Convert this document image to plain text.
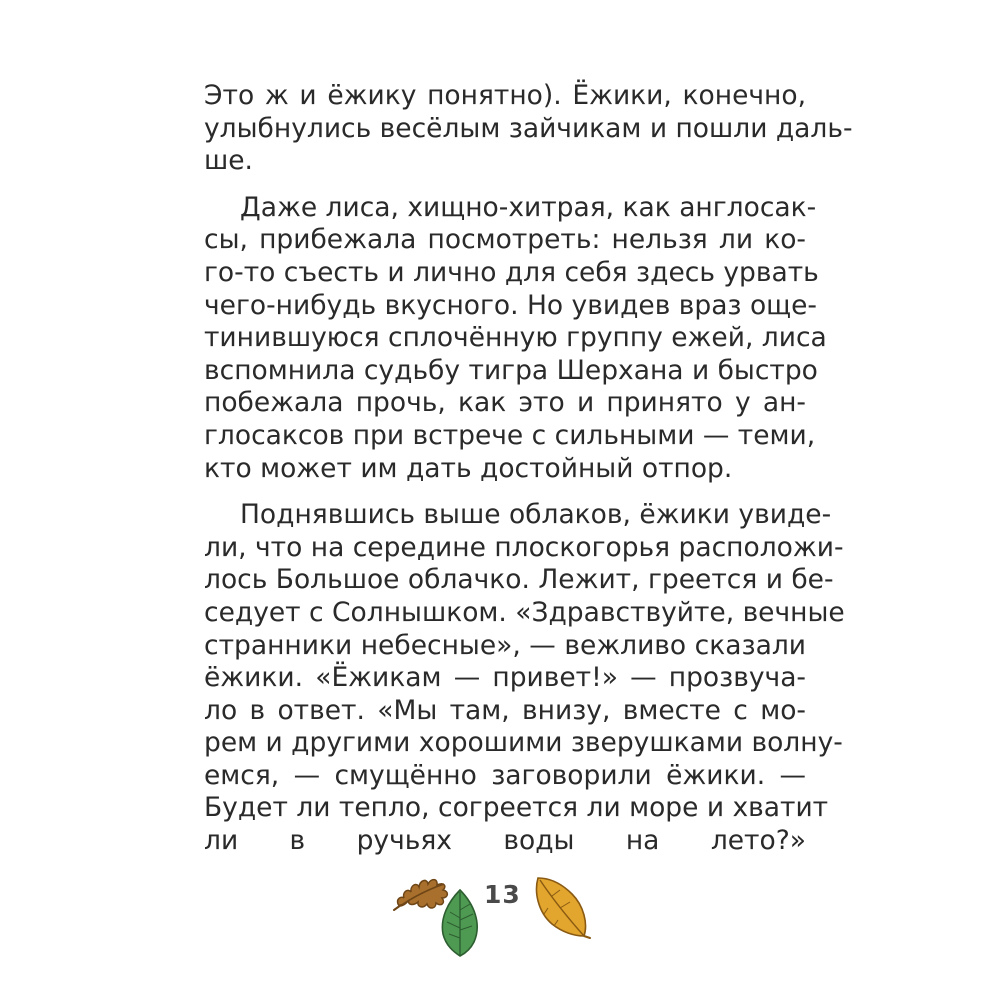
Это ж и ёжику понятно). Ёжики, конечно,
улыбнулись весёлым зайчикам и пошли даль-
ше.
Даже лиса, хищно-хитрая, как англосак-
сы, прибежала посмотреть: нельзя ли ко-
го-то съесть и лично для себя здесь урвать
чего-нибудь вкусного. Но увидев враз още-
тинившуюся сплочённую группу ежей, лиса
вспомнила судьбу тигра Шерхана и быстро
побежала прочь, как это и принято у ан-
глосаксов при встрече с сильными — теми,
кто может им дать достойный отпор.
Поднявшись выше облаков, ёжики увиде-
ли, что на середине плоскогорья расположи-
лось Большое облачко. Лежит, греется и бе-
седует с Солнышком. «Здравствуйте, вечные
странники небесные», — вежливо сказали
ёжики. «Ёжикам — привет!» — прозвуча-
ло в ответ. «Мы там, внизу, вместе с мо-
рем и другими хорошими зверушками волну-
емся, — смущённо заговорили ёжики. —
Будет ли тепло, согреется ли море и хватит
ли в ручьях воды на лето?»
13
